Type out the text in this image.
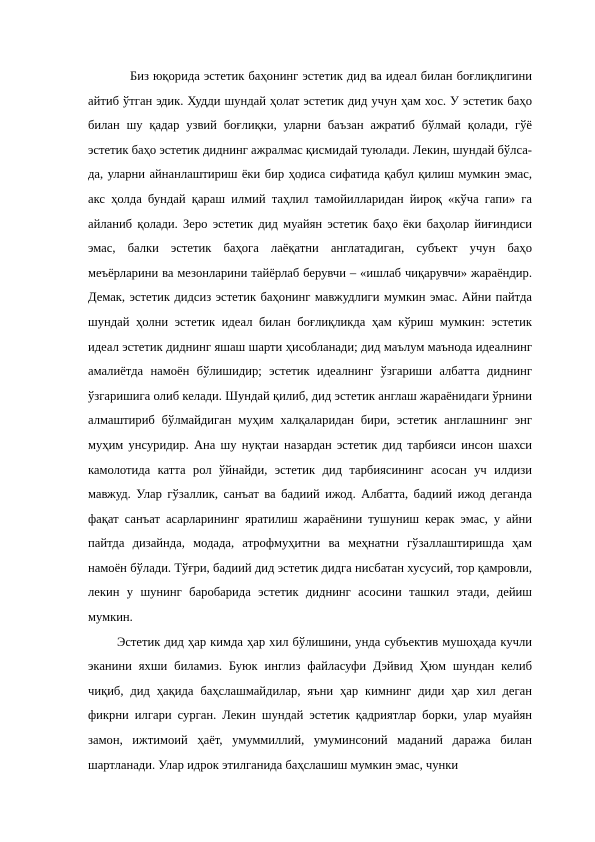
Биз юқорида эстетик баҳонинг эстетик дид ва идеал билан боғлиқлигини айтиб ўтган эдик. Худди шундай ҳолат эстетик дид учун ҳам хос. У эстетик баҳо билан шу қадар узвий боғлиқки, уларни баъзан ажратиб бўлмай қолади, гўё эстетик баҳо эстетик диднинг ажралмас қисмидай туюлади. Лекин, шундай бўлса-да, уларни айнанлаштириш ёки бир ҳодиса сифатида қабул қилиш мумкин эмас, акс ҳолда бундай қараш илмий таҳлил тамойилларидан йироқ «кўча гапи» га айланиб қолади. Зеро эстетик дид муайян эстетик баҳо ёки баҳолар йиғиндиси эмас, балки эстетик баҳога лаёқатни англатадиган, субъект учун баҳо меъёрларини ва мезонларини тайёрлаб берувчи – «ишлаб чиқарувчи» жараёндир. Демак, эстетик дидсиз эстетик баҳонинг мавжудлиги мумкин эмас. Айни пайтда шундай ҳолни эстетик идеал билан боғлиқликда ҳам кўриш мумкин: эстетик идеал эстетик диднинг яшаш шарти ҳисобланади; дид маълум маънода идеалнинг амалиётда намоён бўлишидир; эстетик идеалнинг ўзгариши албатта диднинг ўзгаришига олиб келади. Шундай қилиб, дид эстетик англаш жараёнидаги ўрнини алмаштириб бўлмайдиган муҳим халқаларидан бири, эстетик англашнинг энг муҳим унсуридир. Ана шу нуқтаи назардан эстетик дид тарбияси инсон шахси камолотида катта рол ўйнайди, эстетик дид тарбиясининг асосан уч илдизи мавжуд. Улар гўзаллик, санъат ва бадиий ижод. Албатта, бадиий ижод деганда фақат санъат асарларининг яратилиш жараёнини тушуниш керак эмас, у айни пайтда дизайнда, модада, атрофмуҳитни ва меҳнатни гўзаллаштиришда ҳам намоён бўлади. Тўғри, бадиий дид эстетик дидга нисбатан хусусий, тор қамровли, лекин у шунинг баробарида эстетик диднинг асосини ташкил этади, дейиш мумкин.

Эстетик дид ҳар кимда ҳар хил бўлишини, унда субъектив мушоҳада кучли эканини яхши биламиз. Буюк инглиз файласуфи Дэйвид Ҳюм шундан келиб чиқиб, дид ҳақида баҳслашмайдилар, яъни ҳар кимнинг диди ҳар хил деган фикрни илгари сурган. Лекин шундай эстетик қадриятлар борки, улар муайян замон, ижтимоий ҳаёт, умуммиллий, умуминсоний маданий даража билан шартланади. Улар идрок этилганида баҳслашиш мумкин эмас, чунки
